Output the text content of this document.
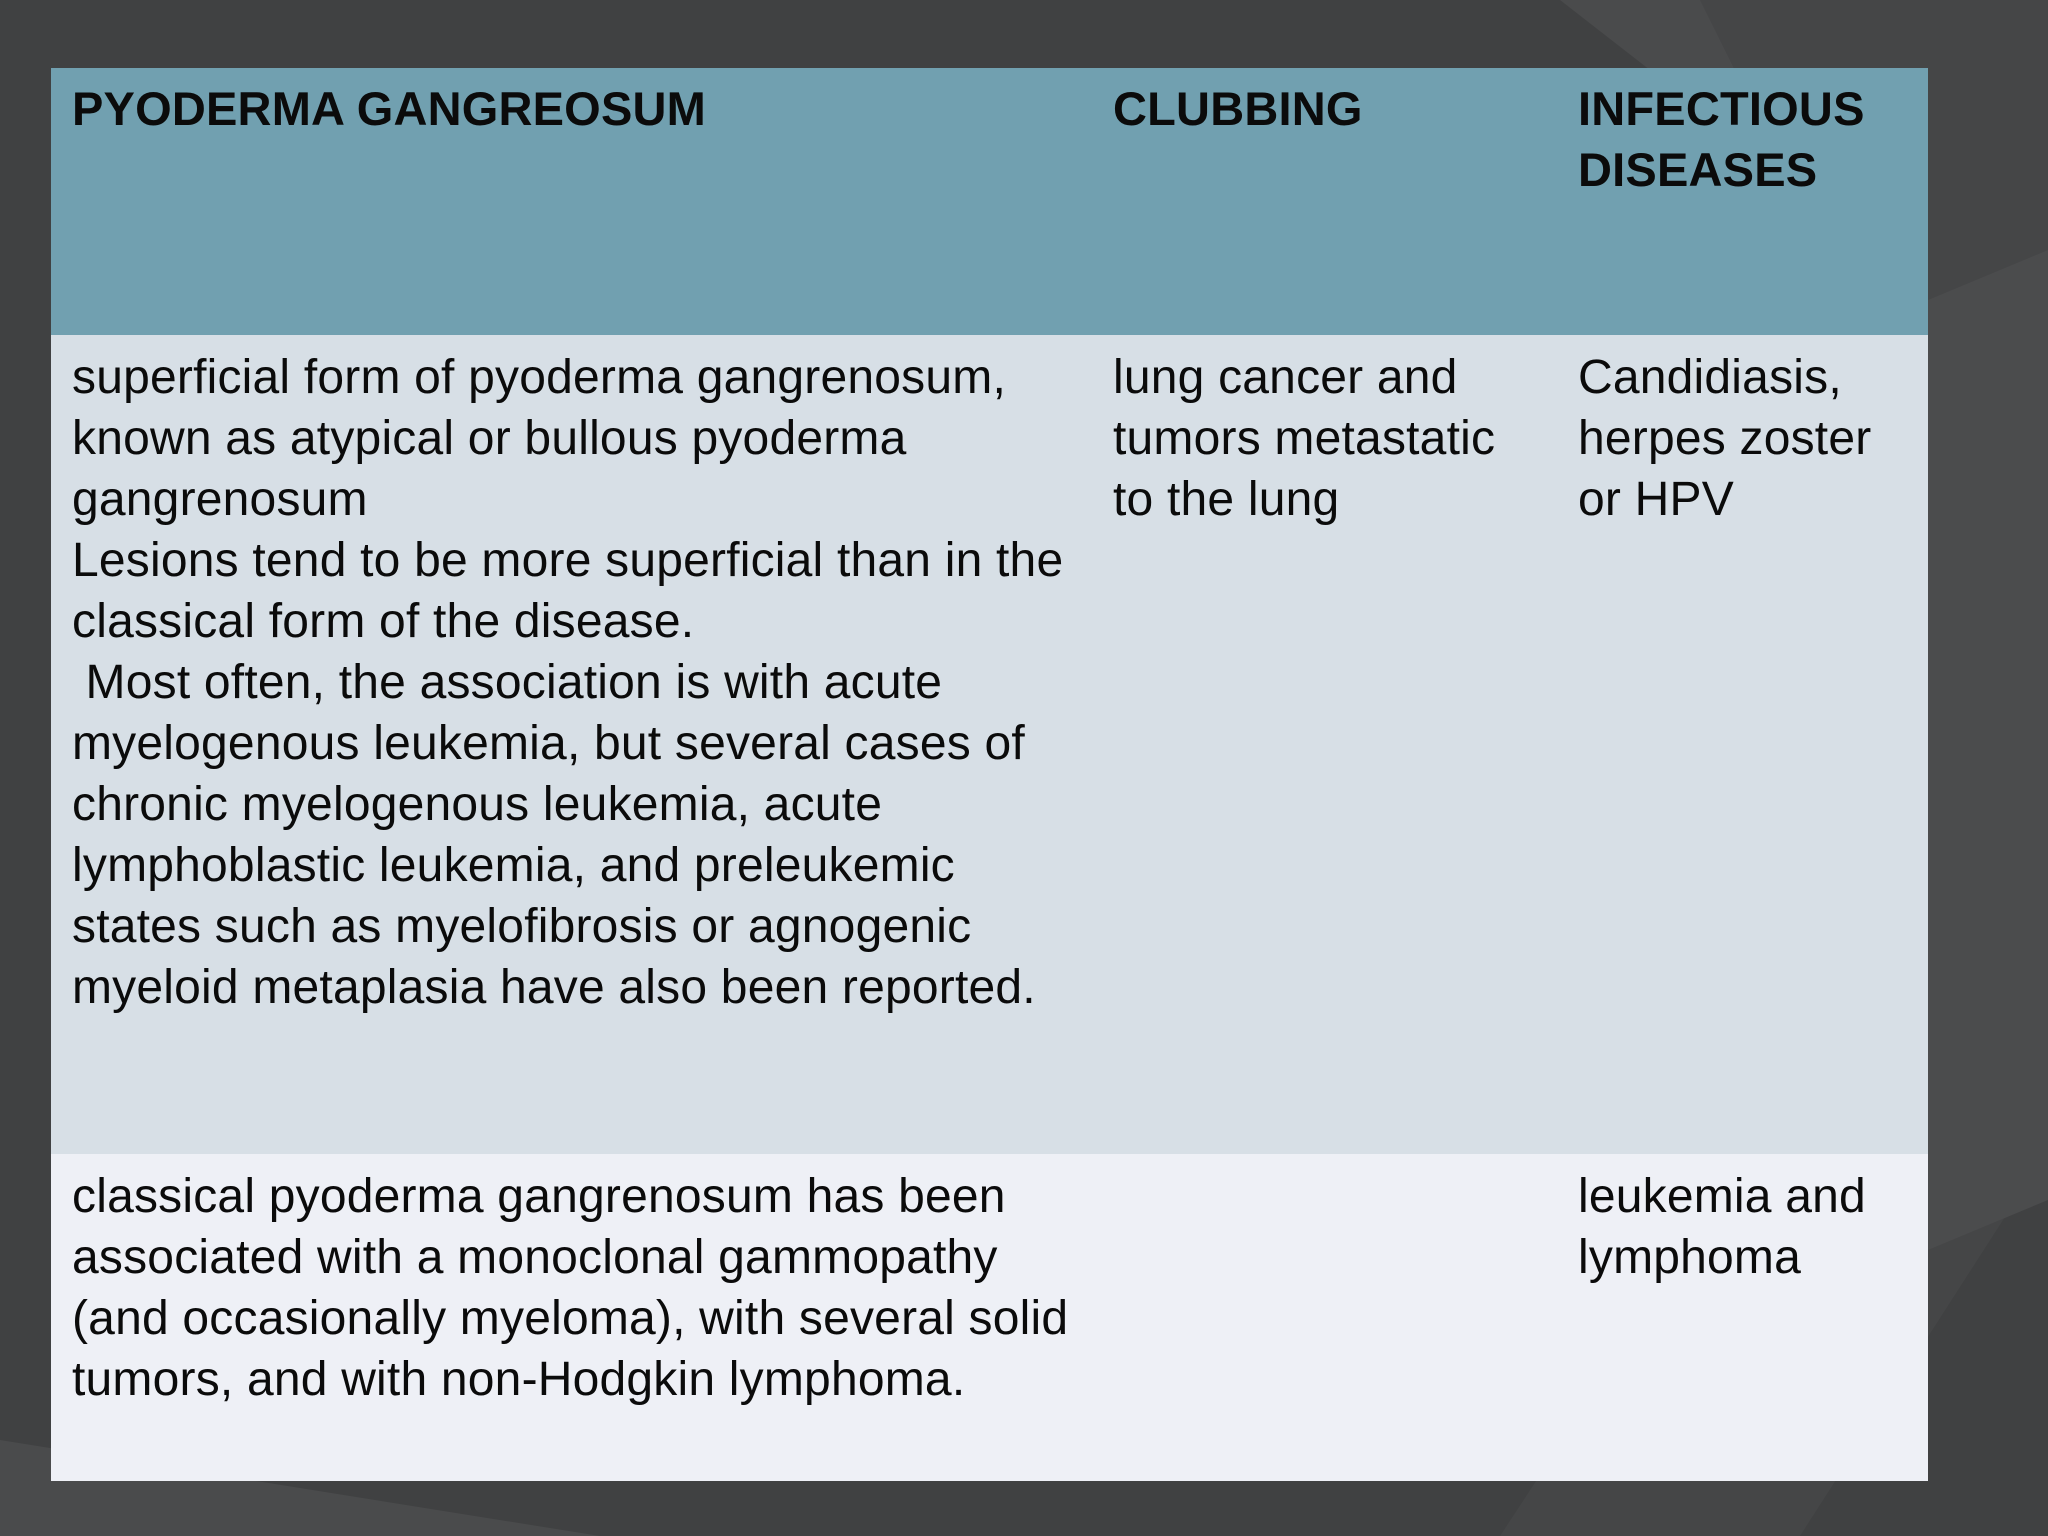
PYODERMA GANGREOSUM	CLUBBING	INFECTIOUS DISEASES
superficial form of pyoderma gangrenosum, known as atypical or bullous pyoderma gangrenosum
Lesions tend to be more superficial than in the classical form of the disease.
Most often, the association is with acute myelogenous leukemia, but several cases of chronic myelogenous leukemia, acute lymphoblastic leukemia, and preleukemic states such as myelofibrosis or agnogenic myeloid metaplasia have also been reported.	lung cancer and tumors metastatic to the lung	Candidiasis, herpes zoster or HPV
classical pyoderma gangrenosum has been associated with a monoclonal gammopathy (and occasionally myeloma), with several solid tumors, and with non-Hodgkin lymphoma.		leukemia and lymphoma
